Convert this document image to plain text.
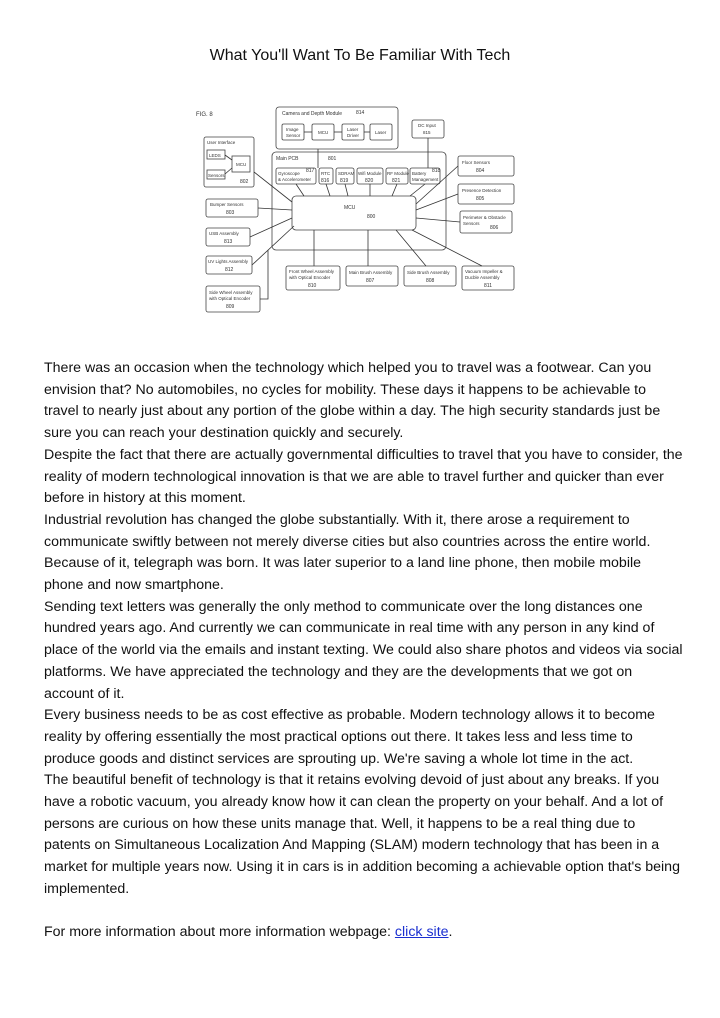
What You'll Want To Be Familiar With Tech
FIG. 8	Camera and Depth Module	814
Image
Sensor
MCU
Laser
Driver
Laser
DC Input
815
User Interface
LEDS
Sensors
MCU
802
Main PCB	801
Gyroscope
& Accelerometer
817 RTC
816
SDRAM
819
Wifi Module
820
RF Module
821
Battery
Management
818
MCU
800
Floor Sensors
804
Presence Detection
805
Perimeter & Obstacle
Sensors
806
Bumper Sensors
803
USB Assembly
813
UV Lights Assembly
812
Side Wheel Assembly
with Optical Encoder
809
Front Wheel Assembly
with Optical Encoder
810
Main Brush Assembly
807
Side Brush Assembly
808
Vacuum Impeller &
Ducble Assembly
811

There was an occasion when the technology which helped you to travel was a footwear. Can you envision that? No automobiles, no cycles for mobility. These days it happens to be achievable to travel to nearly just about any portion of the globe within a day. The high security standards just be sure you can reach your destination quickly and securely.

Despite the fact that there are actually governmental difficulties to travel that you have to consider, the reality of modern technological innovation is that we are able to travel further and quicker than ever before in history at this moment.

Industrial revolution has changed the globe substantially. With it, there arose a requirement to communicate swiftly between not merely diverse cities but also countries across the entire world. Because of it, telegraph was born. It was later superior to a land line phone, then mobile mobile phone and now smartphone.

Sending text letters was generally the only method to communicate over the long distances one hundred years ago. And currently we can communicate in real time with any person in any kind of place of the world via the emails and instant texting. We could also share photos and videos via social platforms. We have appreciated the technology and they are the developments that we got on account of it.

Every business needs to be as cost effective as probable. Modern technology allows it to become reality by offering essentially the most practical options out there. It takes less and less time to produce goods and distinct services are sprouting up. We're saving a whole lot time in the act.

The beautiful benefit of technology is that it retains evolving devoid of just about any breaks. If you have a robotic vacuum, you already know how it can clean the property on your behalf. And a lot of persons are curious on how these units manage that. Well, it happens to be a real thing due to patents on Simultaneous Localization And Mapping (SLAM) modern technology that has been in a market for multiple years now. Using it in cars is in addition becoming a achievable option that's being implemented.

For more information about more information webpage: click site.
